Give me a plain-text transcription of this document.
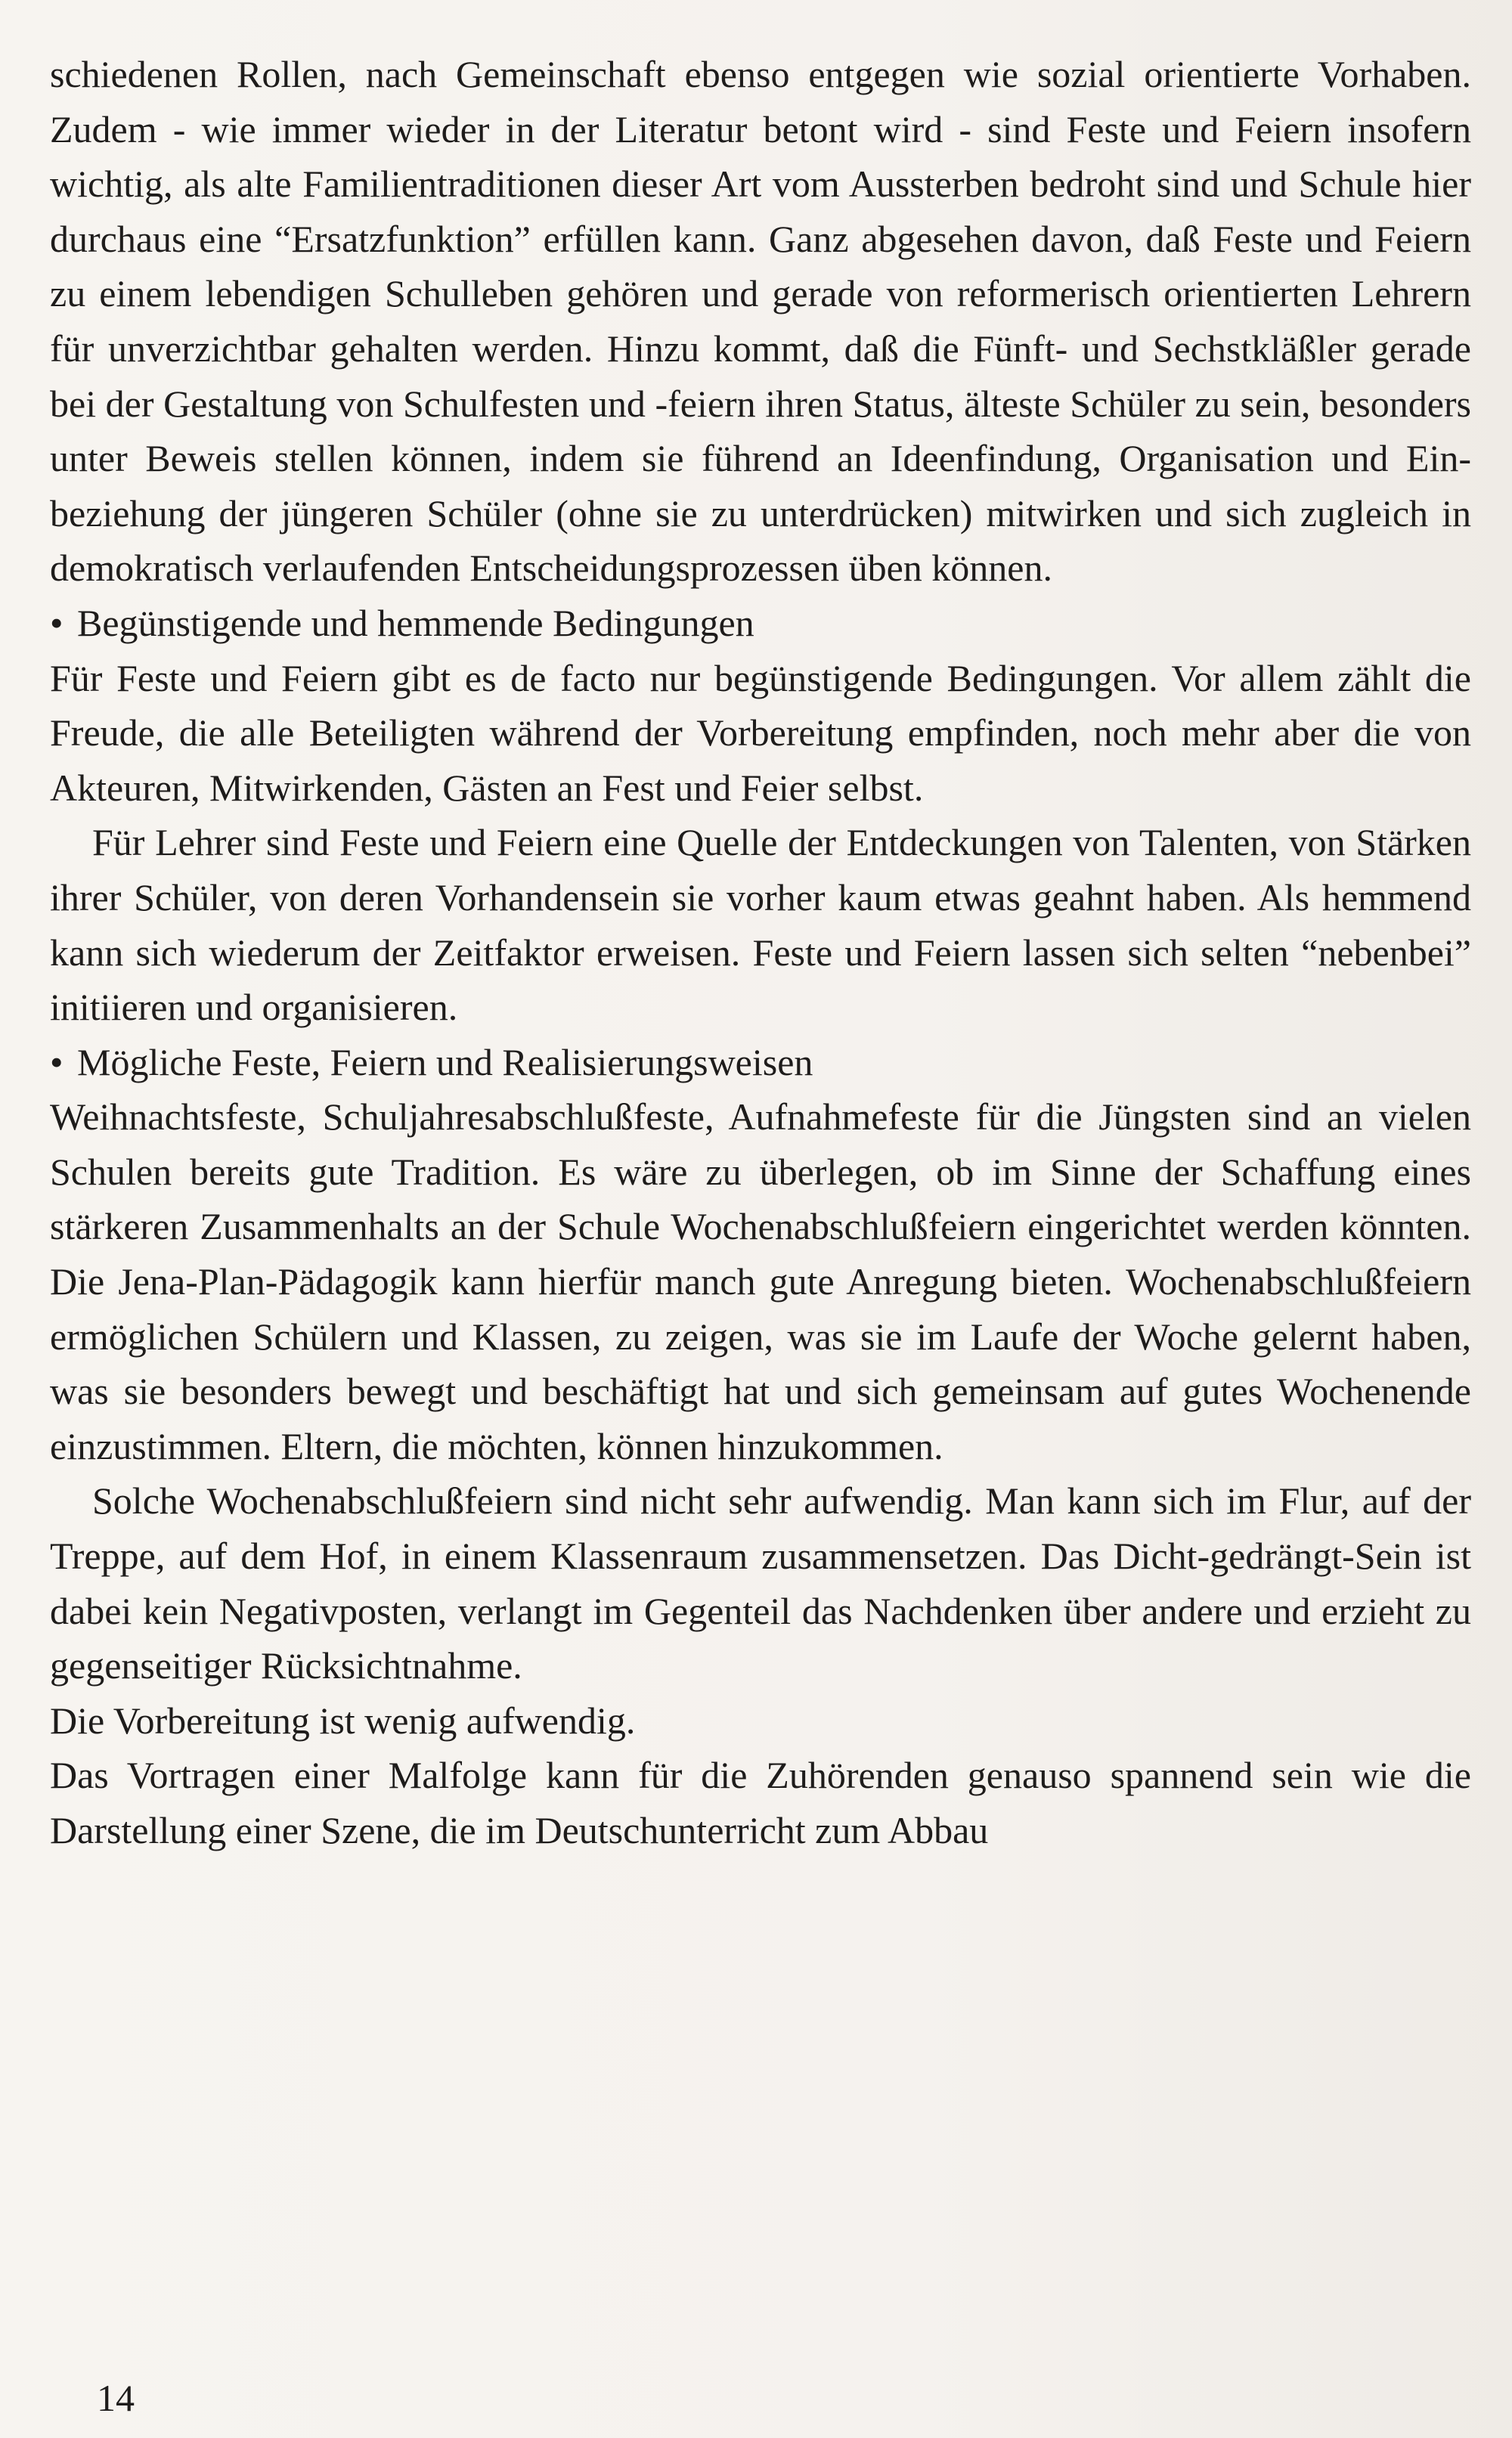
schiedenen Rollen, nach Gemeinschaft ebenso entgegen wie sozial orientierte Vorhaben. Zudem - wie immer wieder in der Literatur betont wird - sind Feste und Feiern insofern wichtig, als alte Familientraditionen dieser Art vom Aussterben bedroht sind und Schule hier durchaus eine “Ersatzfunktion” erfüllen kann. Ganz abgesehen davon, daß Feste und Feiern zu einem lebendigen Schulleben gehören und gerade von reformerisch orientierten Lehrern für unverzichtbar gehalten werden. Hinzu kommt, daß die Fünft- und Sechstkläßler gerade bei der Gestaltung von Schulfesten und -feiern ihren Status, älteste Schüler zu sein, besonders unter Beweis stellen können, indem sie führend an Ideenfindung, Organisation und Einbeziehung der jüngeren Schüler (ohne sie zu unterdrücken) mitwirken und sich zugleich in demokratisch verlaufenden Entscheidungsprozessen üben können.

• Begünstigende und hemmende Bedingungen

Für Feste und Feiern gibt es de facto nur begünstigende Bedingungen. Vor allem zählt die Freude, die alle Beteiligten während der Vorbereitung empfinden, noch mehr aber die von Akteuren, Mitwirkenden, Gästen an Fest und Feier selbst.

Für Lehrer sind Feste und Feiern eine Quelle der Entdeckungen von Talenten, von Stärken ihrer Schüler, von deren Vorhandensein sie vorher kaum etwas geahnt haben. Als hemmend kann sich wiederum der Zeitfaktor erweisen. Feste und Feiern lassen sich selten “nebenbei” initiieren und organisieren.

• Mögliche Feste, Feiern und Realisierungsweisen

Weihnachtsfeste, Schuljahresabschlußfeste, Aufnahmefeste für die Jüngsten sind an vielen Schulen bereits gute Tradition. Es wäre zu überlegen, ob im Sinne der Schaffung eines stärkeren Zusammenhalts an der Schule Wochenabschlußfeiern eingerichtet werden könnten. Die Jena-Plan-Pädagogik kann hierfür manch gute Anregung bieten. Wochenabschlußfeiern ermöglichen Schülern und Klassen, zu zeigen, was sie im Laufe der Woche gelernt haben, was sie besonders bewegt und beschäftigt hat und sich gemeinsam auf gutes Wochenende einzustimmen. Eltern, die möchten, können hinzukommen.

Solche Wochenabschlußfeiern sind nicht sehr aufwendig. Man kann sich im Flur, auf der Treppe, auf dem Hof, in einem Klassenraum zusammensetzen. Das Dicht-gedrängt-Sein ist dabei kein Negativposten, verlangt im Gegenteil das Nachdenken über andere und erzieht zu gegenseitiger Rücksichtnahme.

Die Vorbereitung ist wenig aufwendig.

Das Vortragen einer Malfolge kann für die Zuhörenden genauso spannend sein wie die Darstellung einer Szene, die im Deutschunterricht zum Abbau

14
